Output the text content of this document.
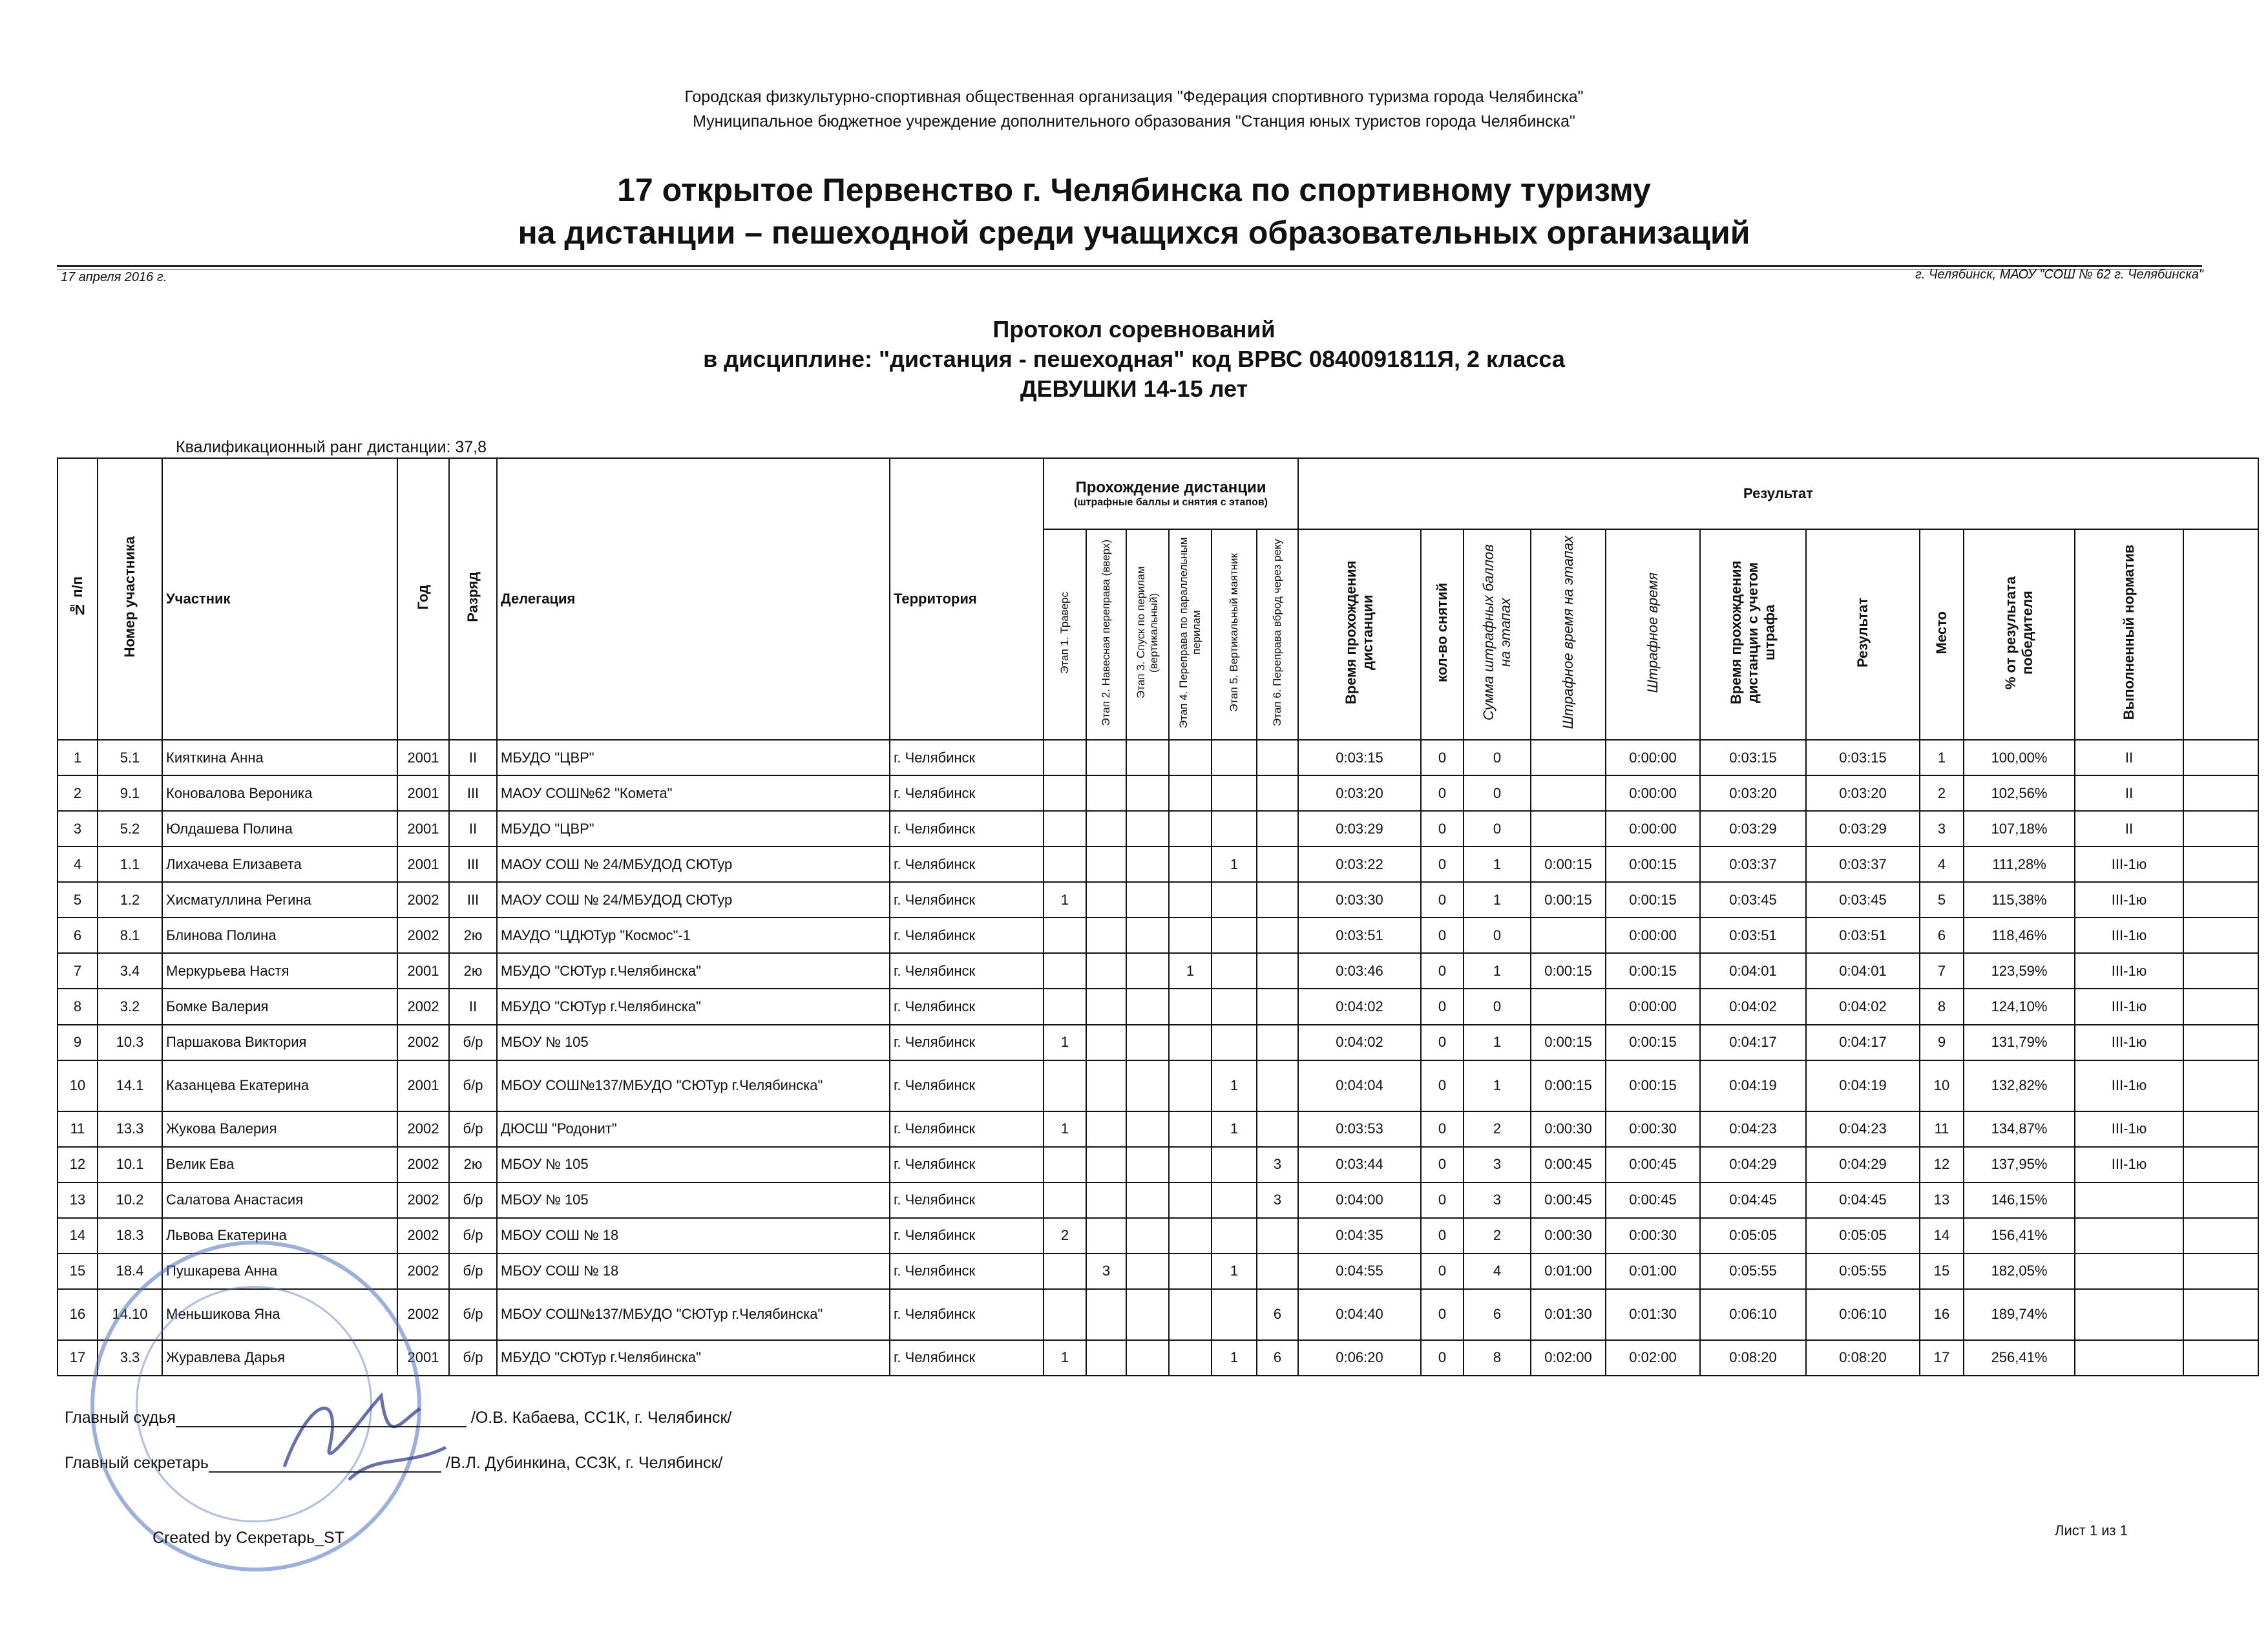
Городская физкультурно-спортивная общественная организация "Федерация спортивного туризма города Челябинска"
Муниципальное бюджетное учреждение дополнительного образования "Станция юных туристов города Челябинска"
17 открытое Первенство г. Челябинска по спортивному туризму
на дистанции – пешеходной среди учащихся образовательных организаций
17 апреля 2016 г.	г. Челябинск, МАОУ "СОШ № 62 г. Челябинска"
Протокол соревнований
в дисциплине: "дистанция - пешеходная" код ВРВС 0840091811Я, 2 класса
ДЕВУШКИ 14-15 лет
Квалификационный ранг дистанции: 37,8
№ п/п	Номер участника	Участник	Год	Разряд	Делегация	Территория	Прохождение дистанции
(штрафные баллы и снятия с этапов)						Результат	
							Этап 1. Траверс	Этап 2. Навесная переправа (вверх)	Этап 3. Спуск по перилам (вертикальный)	Этап 4. Переправа по параллельным перилам	Этап 5. Вертикальный маятник	Этап 6. Переправа вброд через реку	Время прохождения дистанции	кол-во снятий	Сумма штрафных баллов на этапах	Штрафное время на этапах	Штрафное время	Время прохождения дистанции с учетом штрафа	Результат	Место	% от результата победителя	Выполненный норматив		
1	5.1	Кияткина Анна	2001	II	МБУДО "ЦВР"	г. Челябинск							0:03:15	0	0		0:00:00	0:03:15	0:03:15	1	100,00%	II		
2	9.1	Коновалова Вероника	2001	III	МАОУ СОШ№62 "Комета"	г. Челябинск							0:03:20	0	0		0:00:00	0:03:20	0:03:20	2	102,56%	II		
3	5.2	Юлдашева Полина	2001	II	МБУДО "ЦВР"	г. Челябинск							0:03:29	0	0		0:00:00	0:03:29	0:03:29	3	107,18%	II		
4	1.1	Лихачева Елизавета	2001	III	МАОУ СОШ № 24/МБУДОД СЮТур	г. Челябинск					1		0:03:22	0	1	0:00:15	0:00:15	0:03:37	0:03:37	4	111,28%	III-1ю		
5	1.2	Хисматуллина Регина	2002	III	МАОУ СОШ № 24/МБУДОД СЮТур	г. Челябинск	1						0:03:30	0	1	0:00:15	0:00:15	0:03:45	0:03:45	5	115,38%	III-1ю		
6	8.1	Блинова Полина	2002	2ю	МАУДО "ЦДЮТур "Космос"-1	г. Челябинск							0:03:51	0	0		0:00:00	0:03:51	0:03:51	6	118,46%	III-1ю		
7	3.4	Меркурьева Настя	2001	2ю	МБУДО "СЮТур г.Челябинска"	г. Челябинск				1			0:03:46	0	1	0:00:15	0:00:15	0:04:01	0:04:01	7	123,59%	III-1ю		
8	3.2	Бомке Валерия	2002	II	МБУДО "СЮТур г.Челябинска"	г. Челябинск							0:04:02	0	0		0:00:00	0:04:02	0:04:02	8	124,10%	III-1ю		
9	10.3	Паршакова Виктория	2002	б/р	МБОУ № 105	г. Челябинск	1						0:04:02	0	1	0:00:15	0:00:15	0:04:17	0:04:17	9	131,79%	III-1ю		
10	14.1	Казанцева Екатерина	2001	б/р	МБОУ СОШ№137/МБУДО "СЮТур г.Челябинска"	г. Челябинск					1		0:04:04	0	1	0:00:15	0:00:15	0:04:19	0:04:19	10	132,82%	III-1ю		
11	13.3	Жукова Валерия	2002	б/р	ДЮСШ "Родонит"	г. Челябинск	1				1		0:03:53	0	2	0:00:30	0:00:30	0:04:23	0:04:23	11	134,87%	III-1ю		
12	10.1	Велик Ева	2002	2ю	МБОУ № 105	г. Челябинск						3	0:03:44	0	3	0:00:45	0:00:45	0:04:29	0:04:29	12	137,95%	III-1ю		
13	10.2	Салатова Анастасия	2002	б/р	МБОУ № 105	г. Челябинск						3	0:04:00	0	3	0:00:45	0:00:45	0:04:45	0:04:45	13	146,15%			
14	18.3	Львова Екатерина	2002	б/р	МБОУ СОШ № 18	г. Челябинск	2						0:04:35	0	2	0:00:30	0:00:30	0:05:05	0:05:05	14	156,41%			
15	18.4	Пушкарева Анна	2002	б/р	МБОУ СОШ № 18	г. Челябинск		3			1		0:04:55	0	4	0:01:00	0:01:00	0:05:55	0:05:55	15	182,05%			
16	14.10	Меньшикова Яна	2002	б/р	МБОУ СОШ№137/МБУДО "СЮТур г.Челябинска"	г. Челябинск						6	0:04:40	0	6	0:01:30	0:01:30	0:06:10	0:06:10	16	189,74%			
17	3.3	Журавлева Дарья	2001	б/р	МБУДО "СЮТур г.Челябинска"	г. Челябинск	1				1	6	0:06:20	0	8	0:02:00	0:02:00	0:08:20	0:08:20	17	256,41%			
Главный судья	/О.В. Кабаева, СС1К, г. Челябинск/
Главный секретарь	/В.Л. Дубинкина, СС3К, г. Челябинск/
Created by Секретарь_ST	Лист 1 из 1
